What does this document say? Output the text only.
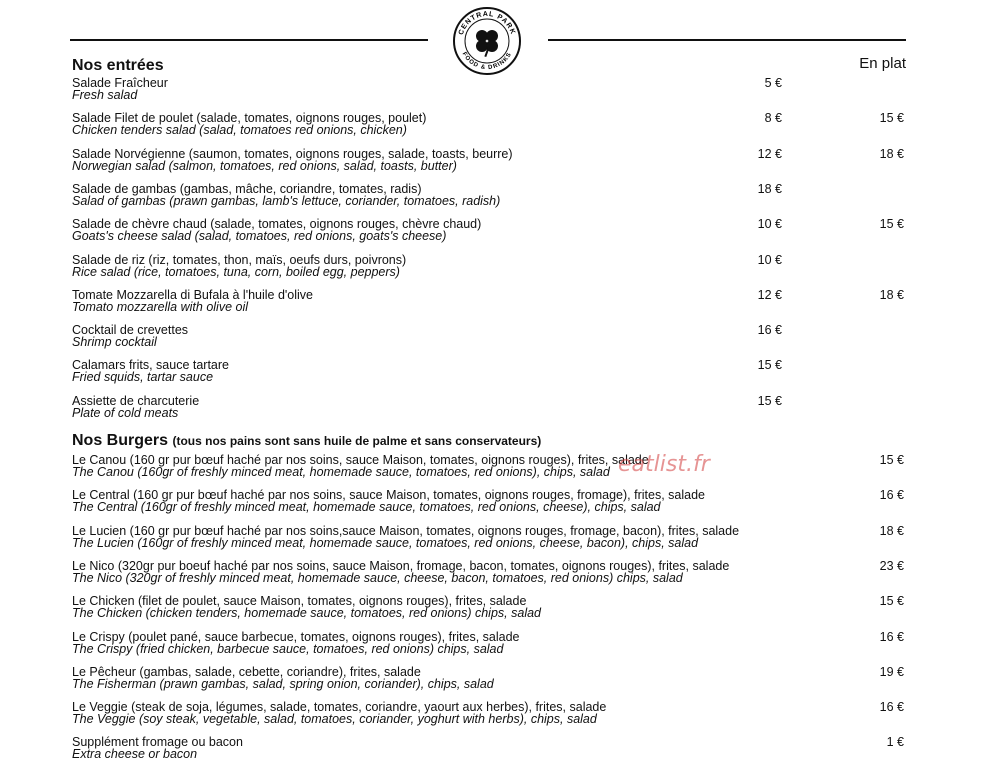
CENTRAL PARK
FOOD & DRINKS
Nos entrées	En plat
Salade Fraîcheur
Fresh salad
5 €
Salade Filet de poulet (salade, tomates, oignons rouges, poulet)
Chicken tenders salad (salad, tomatoes red onions, chicken)
8 €	15 €
Salade Norvégienne (saumon, tomates, oignons rouges, salade, toasts, beurre)
Norwegian salad (salmon, tomatoes, red onions, salad, toasts, butter)
12 €	18 €
Salade de gambas (gambas, mâche, coriandre, tomates, radis)
Salad of gambas (prawn gambas, lamb's lettuce, coriander, tomatoes, radish)
18 €
Salade de chèvre chaud (salade, tomates, oignons rouges, chèvre chaud)
Goats's cheese salad (salad, tomatoes, red onions, goats's cheese)
10 €	15 €
Salade de riz (riz, tomates, thon, maïs, oeufs durs, poivrons)
Rice salad (rice, tomatoes, tuna, corn, boiled egg, peppers)
10 €
Tomate Mozzarella di Bufala à l'huile d'olive
Tomato mozzarella with olive oil
12 €	18 €
Cocktail de crevettes
Shrimp cocktail
16 €
Calamars frits, sauce tartare
Fried squids, tartar sauce
15 €
Assiette de charcuterie
Plate of cold meats
15 €
Nos Burgers (tous nos pains sont sans huile de palme et sans conservateurs)
Le Canou (160 gr pur bœuf haché par nos soins, sauce Maison, tomates, oignons rouges), frites, salade
The Canou (160gr of freshly minced meat, homemade sauce, tomatoes, red onions), chips, salad
15 €
Le Central (160 gr pur bœuf haché par nos soins, sauce Maison, tomates, oignons rouges, fromage), frites, salade
The Central (160gr of freshly minced meat, homemade sauce, tomatoes, red onions, cheese), chips, salad
16 €
Le Lucien (160 gr pur bœuf haché par nos soins,sauce Maison, tomates, oignons rouges, fromage, bacon), frites, salade
The Lucien (160gr of freshly minced meat, homemade sauce, tomatoes, red onions, cheese, bacon), chips, salad
18 €
Le Nico (320gr pur boeuf haché par nos soins, sauce Maison, fromage, bacon, tomates, oignons rouges), frites, salade
The Nico (320gr of freshly minced meat, homemade sauce, cheese, bacon, tomatoes, red onions) chips, salad
23 €
Le Chicken (filet de poulet, sauce Maison, tomates, oignons rouges), frites, salade
The Chicken (chicken tenders, homemade sauce, tomatoes, red onions) chips, salad
15 €
Le Crispy (poulet pané, sauce barbecue, tomates, oignons rouges), frites, salade
The Crispy (fried chicken, barbecue sauce, tomatoes, red onions) chips, salad
16 €
Le Pêcheur (gambas, salade, cebette, coriandre), frites, salade
The Fisherman (prawn gambas, salad, spring onion, coriander), chips, salad
19 €
Le Veggie (steak de soja, légumes, salade, tomates, coriandre, yaourt aux herbes), frites, salade
The Veggie (soy steak, vegetable, salad, tomatoes, coriander, yoghurt with herbs), chips, salad
16 €
Supplément fromage ou bacon
Extra cheese or bacon
1 €
eatlist.fr
